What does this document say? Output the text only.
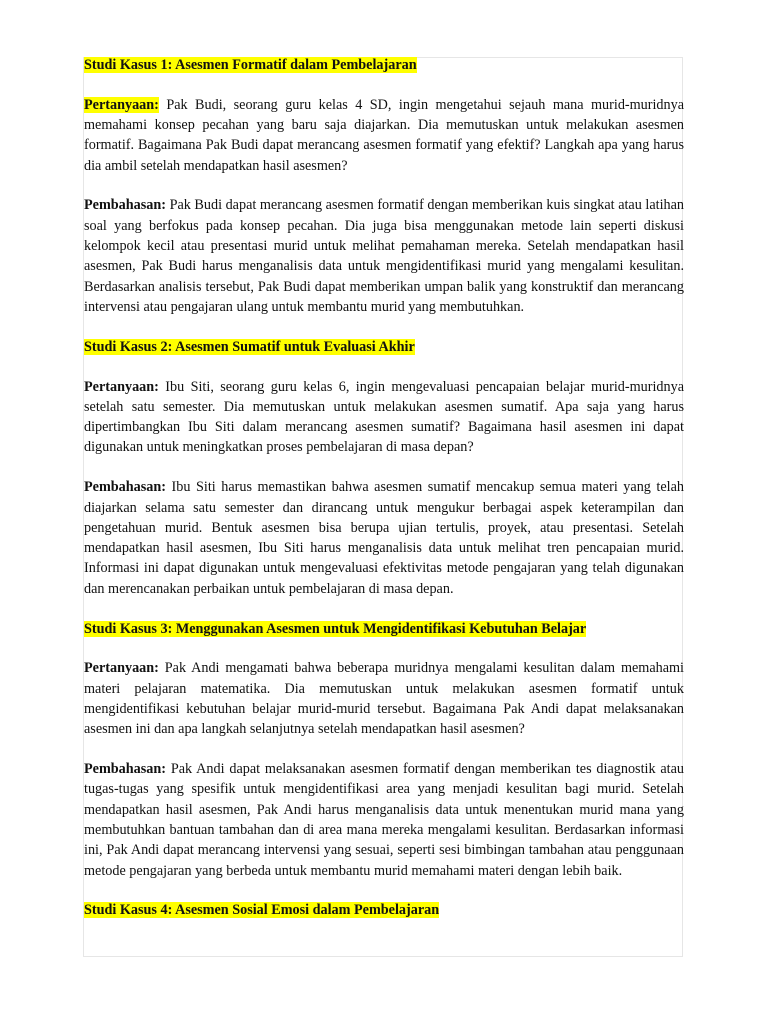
Studi Kasus 1: Asesmen Formatif dalam Pembelajaran

Pertanyaan: Pak Budi, seorang guru kelas 4 SD, ingin mengetahui sejauh mana murid-muridnya memahami konsep pecahan yang baru saja diajarkan. Dia memutuskan untuk melakukan asesmen formatif. Bagaimana Pak Budi dapat merancang asesmen formatif yang efektif? Langkah apa yang harus dia ambil setelah mendapatkan hasil asesmen?

Pembahasan: Pak Budi dapat merancang asesmen formatif dengan memberikan kuis singkat atau latihan soal yang berfokus pada konsep pecahan. Dia juga bisa menggunakan metode lain seperti diskusi kelompok kecil atau presentasi murid untuk melihat pemahaman mereka. Setelah mendapatkan hasil asesmen, Pak Budi harus menganalisis data untuk mengidentifikasi murid yang mengalami kesulitan. Berdasarkan analisis tersebut, Pak Budi dapat memberikan umpan balik yang konstruktif dan merancang intervensi atau pengajaran ulang untuk membantu murid yang membutuhkan.

Studi Kasus 2: Asesmen Sumatif untuk Evaluasi Akhir

Pertanyaan: Ibu Siti, seorang guru kelas 6, ingin mengevaluasi pencapaian belajar murid-muridnya setelah satu semester. Dia memutuskan untuk melakukan asesmen sumatif. Apa saja yang harus dipertimbangkan Ibu Siti dalam merancang asesmen sumatif? Bagaimana hasil asesmen ini dapat digunakan untuk meningkatkan proses pembelajaran di masa depan?

Pembahasan: Ibu Siti harus memastikan bahwa asesmen sumatif mencakup semua materi yang telah diajarkan selama satu semester dan dirancang untuk mengukur berbagai aspek keterampilan dan pengetahuan murid. Bentuk asesmen bisa berupa ujian tertulis, proyek, atau presentasi. Setelah mendapatkan hasil asesmen, Ibu Siti harus menganalisis data untuk melihat tren pencapaian murid. Informasi ini dapat digunakan untuk mengevaluasi efektivitas metode pengajaran yang telah digunakan dan merencanakan perbaikan untuk pembelajaran di masa depan.

Studi Kasus 3: Menggunakan Asesmen untuk Mengidentifikasi Kebutuhan Belajar

Pertanyaan: Pak Andi mengamati bahwa beberapa muridnya mengalami kesulitan dalam memahami materi pelajaran matematika. Dia memutuskan untuk melakukan asesmen formatif untuk mengidentifikasi kebutuhan belajar murid-murid tersebut. Bagaimana Pak Andi dapat melaksanakan asesmen ini dan apa langkah selanjutnya setelah mendapatkan hasil asesmen?

Pembahasan: Pak Andi dapat melaksanakan asesmen formatif dengan memberikan tes diagnostik atau tugas-tugas yang spesifik untuk mengidentifikasi area yang menjadi kesulitan bagi murid. Setelah mendapatkan hasil asesmen, Pak Andi harus menganalisis data untuk menentukan murid mana yang membutuhkan bantuan tambahan dan di area mana mereka mengalami kesulitan. Berdasarkan informasi ini, Pak Andi dapat merancang intervensi yang sesuai, seperti sesi bimbingan tambahan atau penggunaan metode pengajaran yang berbeda untuk membantu murid memahami materi dengan lebih baik.

Studi Kasus 4: Asesmen Sosial Emosi dalam Pembelajaran
